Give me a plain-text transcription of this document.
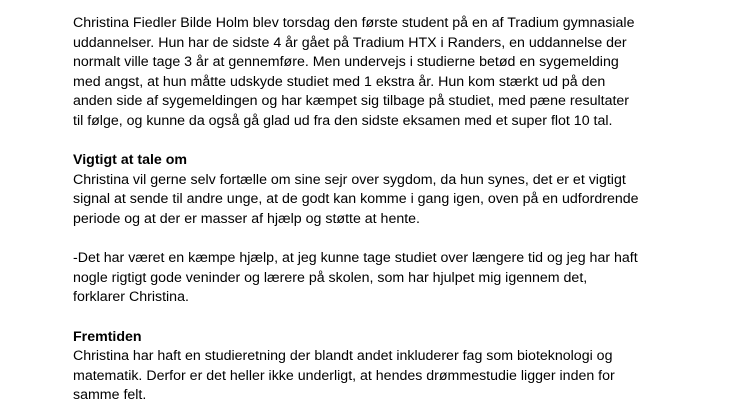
Christina Fiedler Bilde Holm blev torsdag den første student på en af Tradium gymnasiale
uddannelser. Hun har de sidste 4 år gået på Tradium HTX i Randers, en uddannelse der
normalt ville tage 3 år at gennemføre. Men undervejs i studierne betød en sygemelding
med angst, at hun måtte udskyde studiet med 1 ekstra år. Hun kom stærkt ud på den
anden side af sygemeldingen og har kæmpet sig tilbage på studiet, med pæne resultater
til følge, og kunne da også gå glad ud fra den sidste eksamen med et super flot 10 tal.

Vigtigt at tale om

Christina vil gerne selv fortælle om sine sejr over sygdom, da hun synes, det er et vigtigt
signal at sende til andre unge, at de godt kan komme i gang igen, oven på en udfordrende
periode og at der er masser af hjælp og støtte at hente.

-Det har været en kæmpe hjælp, at jeg kunne tage studiet over længere tid og jeg har haft
nogle rigtigt gode veninder og lærere på skolen, som har hjulpet mig igennem det,
forklarer Christina.

Fremtiden

Christina har haft en studieretning der blandt andet inkluderer fag som bioteknologi og
matematik. Derfor er det heller ikke underligt, at hendes drømmestudie ligger inden for
samme felt.
